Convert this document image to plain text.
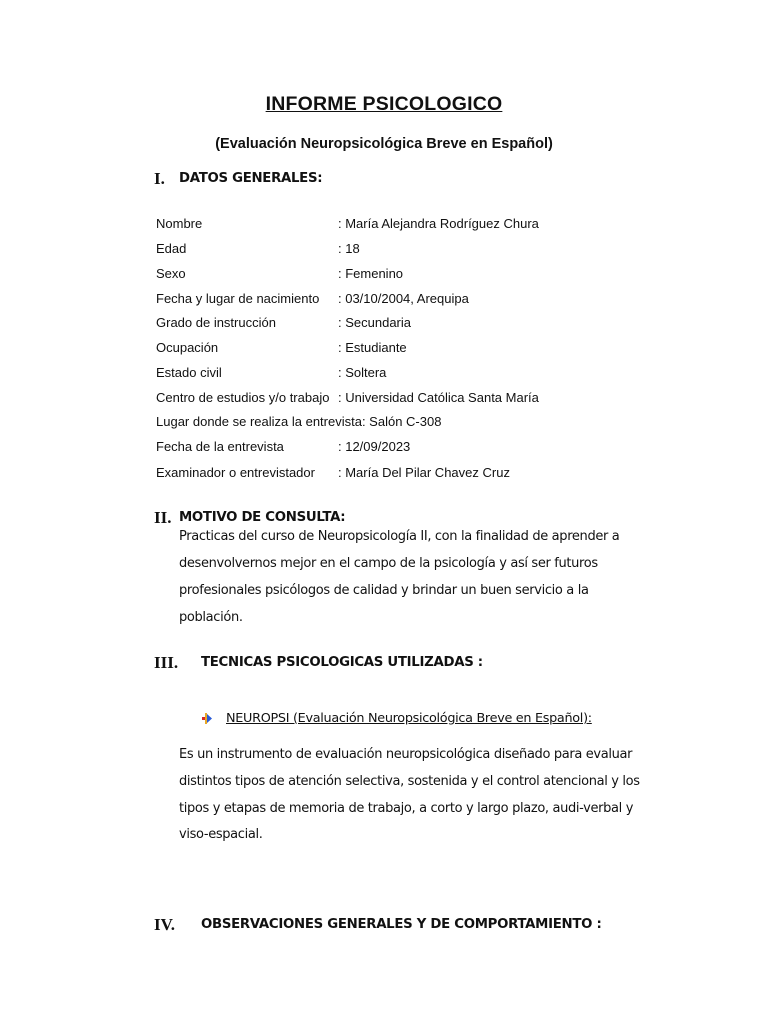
INFORME PSICOLOGICO
(Evaluación Neuropsicológica Breve en Español)
I. DATOS GENERALES:
Nombre	: María Alejandra Rodríguez Chura
Edad	: 18
Sexo	: Femenino
Fecha y lugar de nacimiento : 03/10/2004, Arequipa
Grado de instrucción	: Secundaria
Ocupación	: Estudiante
Estado civil	: Soltera
Centro de estudios y/o trabajo : Universidad Católica Santa María
Lugar donde se realiza la entrevista: Salón C-308
Fecha de la entrevista	: 12/09/2023
Examinador o entrevistador : María Del Pilar Chavez Cruz
II. MOTIVO DE CONSULTA:
Practicas del curso de Neuropsicología II, con la finalidad de aprender a
desenvolvernos mejor en el campo de la psicología y así ser futuros
profesionales psicólogos de calidad y brindar un buen servicio a la
población.
III. TECNICAS PSICOLOGICAS UTILIZADAS :
NEUROPSI (Evaluación Neuropsicológica Breve en Español):
Es un instrumento de evaluación neuropsicológica diseñado para evaluar
distintos tipos de atención selectiva, sostenida y el control atencional y los
tipos y etapas de memoria de trabajo, a corto y largo plazo, audi-verbal y
viso-espacial.
IV. OBSERVACIONES GENERALES Y DE COMPORTAMIENTO :
